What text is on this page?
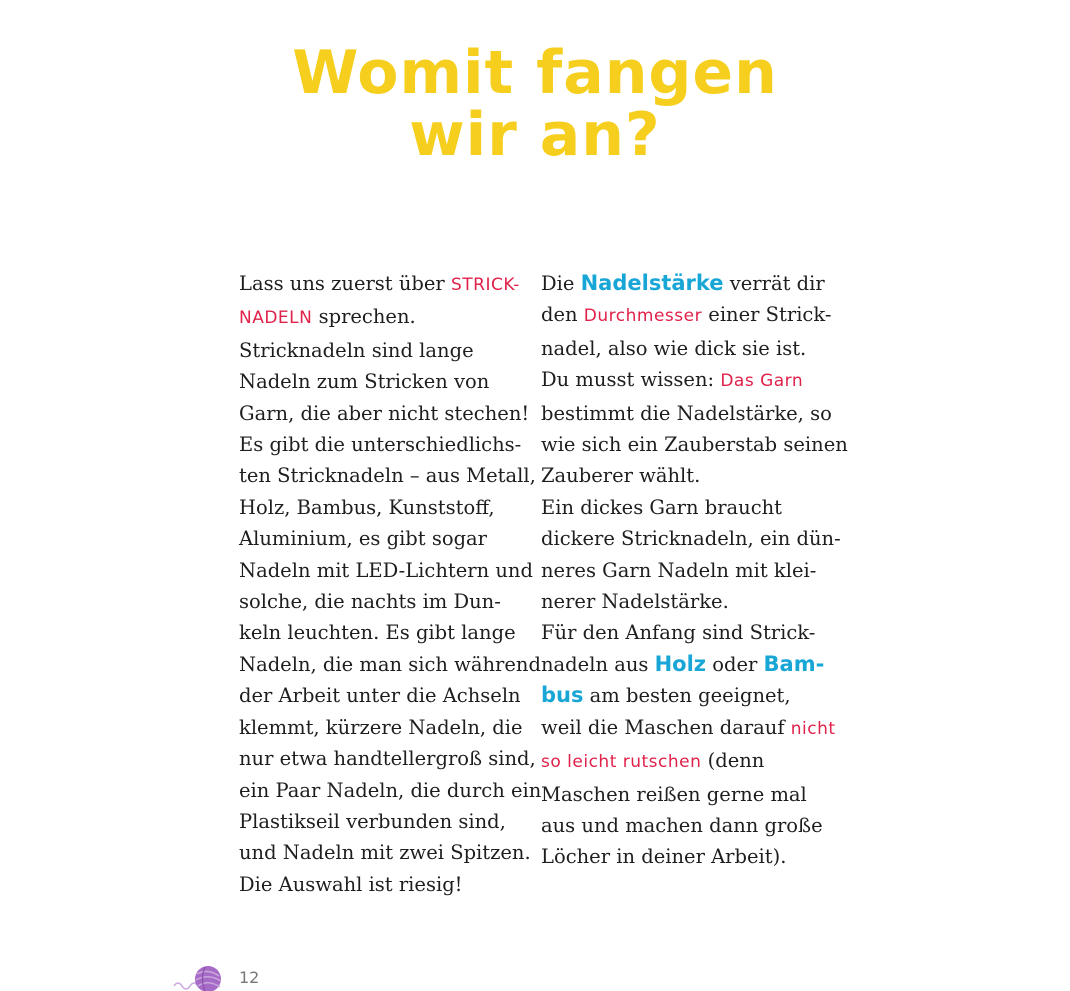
Womit fangen
wir an?
Lass uns zuerst über STRICK-
NADELN sprechen.
Stricknadeln sind lange
Nadeln zum Stricken von
Garn, die aber nicht stechen!
Es gibt die unterschiedlichs-
ten Stricknadeln – aus Metall,
Holz, Bambus, Kunststoff,
Aluminium, es gibt sogar
Nadeln mit LED-Lichtern und
solche, die nachts im Dun-
keln leuchten. Es gibt lange
Nadeln, die man sich während
der Arbeit unter die Achseln
klemmt, kürzere Nadeln, die
nur etwa handtellergroß sind,
ein Paar Nadeln, die durch ein
Plastikseil verbunden sind,
und Nadeln mit zwei Spitzen.
Die Auswahl ist riesig!
Die Nadelstärke verrät dir
den Durchmesser einer Strick-
nadel, also wie dick sie ist.
Du musst wissen: Das Garn
bestimmt die Nadelstärke, so
wie sich ein Zauberstab seinen
Zauberer wählt.
Ein dickes Garn braucht
dickere Stricknadeln, ein dün-
neres Garn Nadeln mit klei-
nerer Nadelstärke.
Für den Anfang sind Strick-
nadeln aus Holz oder Bam-
bus am besten geeignet,
weil die Maschen darauf nicht
so leicht rutschen (denn
Maschen reißen gerne mal
aus und machen dann große
Löcher in deiner Arbeit).
12
